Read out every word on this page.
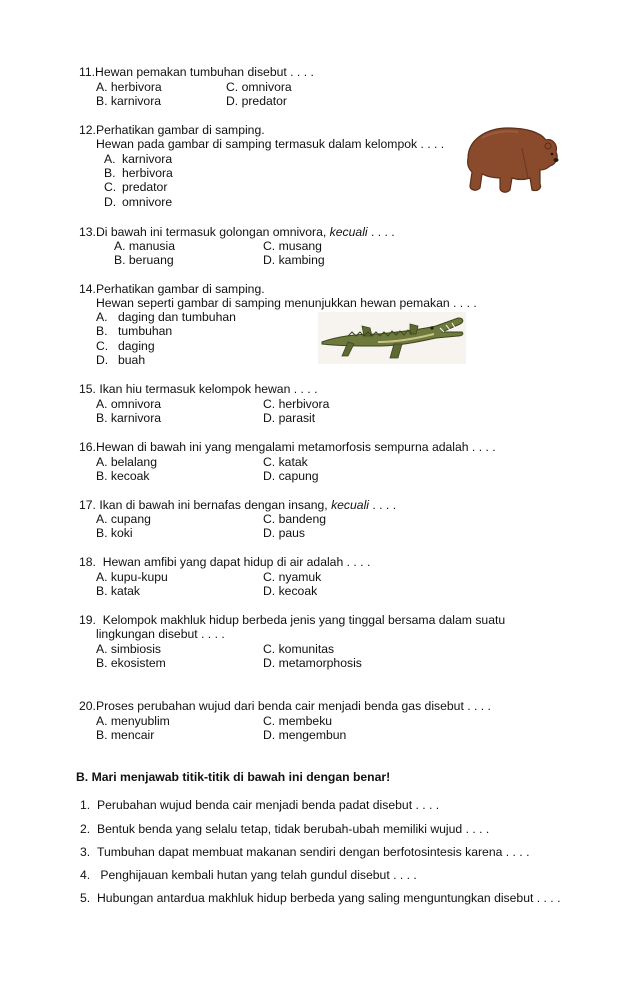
11.Hewan pemakan tumbuhan disebut . . . .
A. herbivora
B. karnivora
C. omnivora
D. predator
12.Perhatikan gambar di samping.
Hewan pada gambar di samping termasuk dalam kelompok . . . .
A. karnivora
B. herbivora
C. predator
D. omnivore
13.Di bawah ini termasuk golongan omnivora, kecuali . . . .
A. manusia
B. beruang
C. musang
D. kambing
14.Perhatikan gambar di samping.
Hewan seperti gambar di samping menunjukkan hewan pemakan . . . .
A. daging dan tumbuhan
B. tumbuhan
C. daging
D. buah
15. Ikan hiu termasuk kelompok hewan . . . .
A. omnivora
B. karnivora
C. herbivora
D. parasit
16.Hewan di bawah ini yang mengalami metamorfosis sempurna adalah . . . .
A. belalang
B. kecoak
C. katak
D. capung
17. Ikan di bawah ini bernafas dengan insang, kecuali . . . .
A. cupang
B. koki
C. bandeng
D. paus
18.  Hewan amfibi yang dapat hidup di air adalah . . . .
A. kupu-kupu
B. katak
C. nyamuk
D. kecoak
19.  Kelompok makhluk hidup berbeda jenis yang tinggal bersama dalam suatu
lingkungan disebut . . . .
A. simbiosis
B. ekosistem
C. komunitas
D. metamorphosis
20.Proses perubahan wujud dari benda cair menjadi benda gas disebut . . . .
A. menyublim
B. mencair
C. membeku
D. mengembun
B. Mari menjawab titik-titik di bawah ini dengan benar!
1. Perubahan wujud benda cair menjadi benda padat disebut . . . .
2. Bentuk benda yang selalu tetap, tidak berubah-ubah memiliki wujud . . . .
3. Tumbuhan dapat membuat makanan sendiri dengan berfotosintesis karena . . . .
4. Penghijauan kembali hutan yang telah gundul disebut . . . .
5. Hubungan antardua makhluk hidup berbeda yang saling menguntungkan disebut . . . .
